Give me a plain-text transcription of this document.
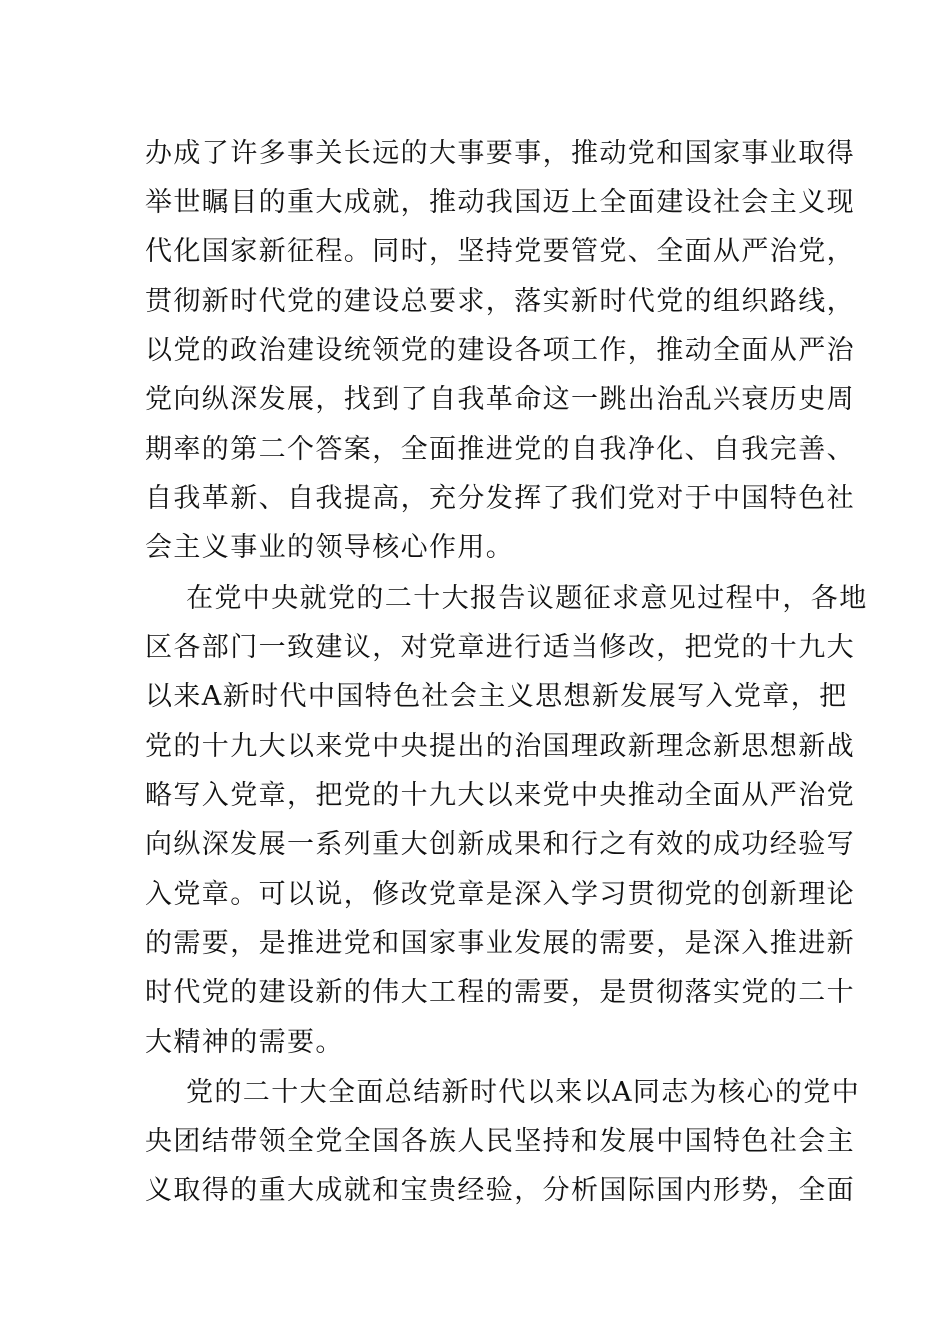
办成了许多事关长远的大事要事，推动党和国家事业取得
举世瞩目的重大成就，推动我国迈上全面建设社会主义现
代化国家新征程。同时，坚持党要管党、全面从严治党，
贯彻新时代党的建设总要求，落实新时代党的组织路线，
以党的政治建设统领党的建设各项工作，推动全面从严治
党向纵深发展，找到了自我革命这一跳出治乱兴衰历史周
期率的第二个答案，全面推进党的自我净化、自我完善、
自我革新、自我提高，充分发挥了我们党对于中国特色社
会主义事业的领导核心作用。
在党中央就党的二十大报告议题征求意见过程中，各地
区各部门一致建议，对党章进行适当修改，把党的十九大
以来A新时代中国特色社会主义思想新发展写入党章，把
党的十九大以来党中央提出的治国理政新理念新思想新战
略写入党章，把党的十九大以来党中央推动全面从严治党
向纵深发展一系列重大创新成果和行之有效的成功经验写
入党章。可以说，修改党章是深入学习贯彻党的创新理论
的需要，是推进党和国家事业发展的需要，是深入推进新
时代党的建设新的伟大工程的需要，是贯彻落实党的二十
大精神的需要。
党的二十大全面总结新时代以来以A同志为核心的党中
央团结带领全党全国各族人民坚持和发展中国特色社会主
义取得的重大成就和宝贵经验，分析国际国内形势，全面
